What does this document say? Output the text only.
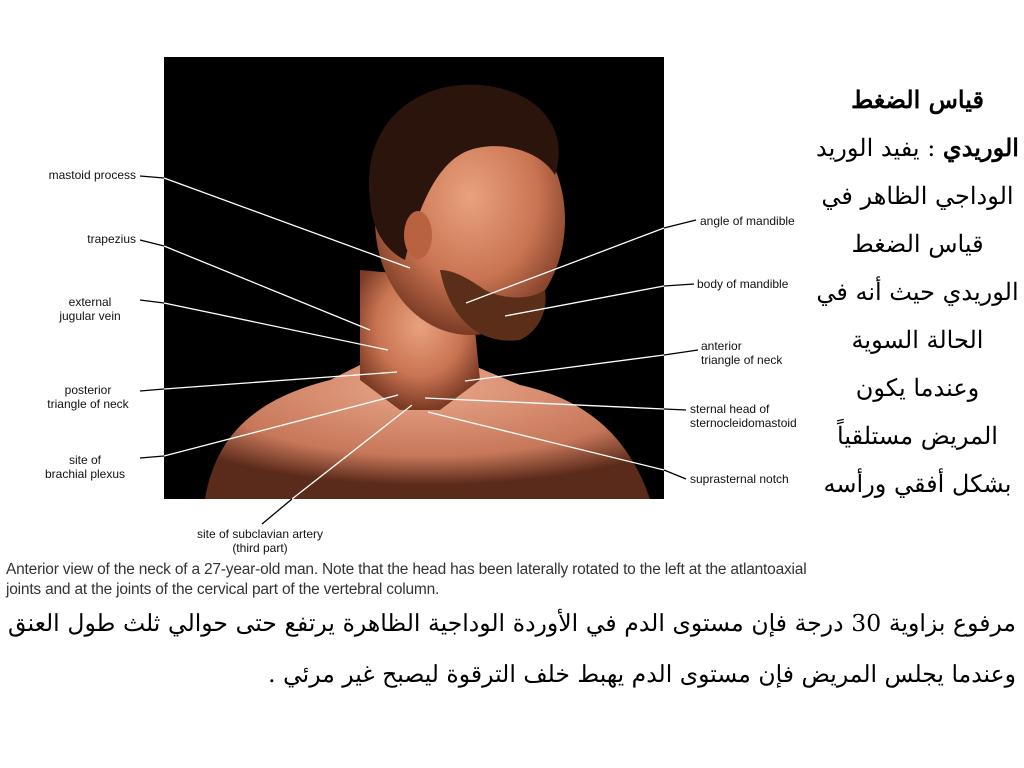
mastoid process
trapezius
external
jugular vein
posterior
triangle of neck
site of
brachial plexus
site of subclavian artery
(third part)
angle of mandible
body of mandible
anterior
triangle of neck
sternal head of
sternocleidomastoid
suprasternal notch
Anterior view of the neck of a 27-year-old man. Note that the head has been laterally rotated to the left at the atlantoaxial joints and at the joints of the cervical part of the vertebral column.
قياس الضغط الوريدي : يفيد الوريد الوداجي الظاهر في قياس الضغط الوريدي حيث أنه في الحالة السوية وعندما يكون المريض مستلقياً بشكل أفقي ورأسه
مرفوع بزاوية 30 درجة فإن مستوى الدم في الأوردة الوداجية الظاهرة يرتفع حتى حوالي ثلث طول العنق وعندما يجلس المريض فإن مستوى الدم يهبط خلف الترقوة ليصبح غير مرئي .
